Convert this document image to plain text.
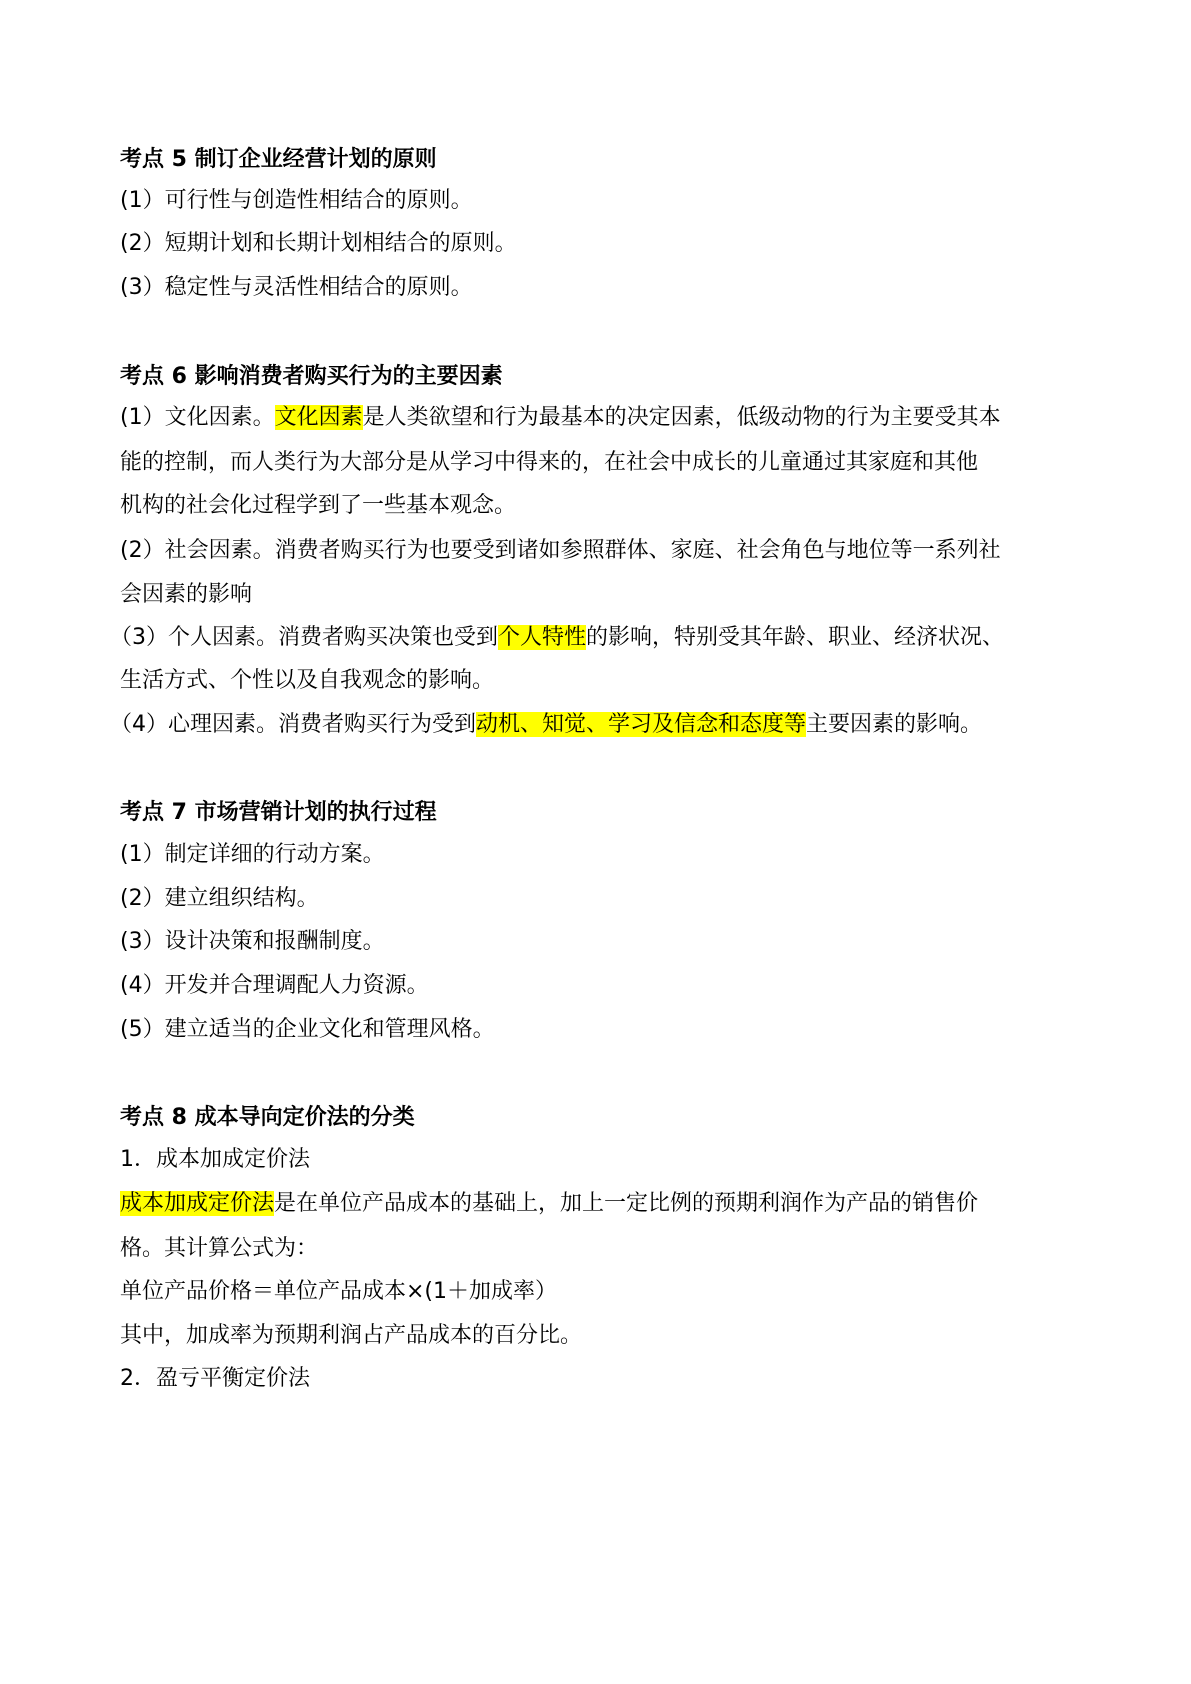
考点 5 制订企业经营计划的原则
(1）可行性与创造性相结合的原则。
(2）短期计划和长期计划相结合的原则。
(3）稳定性与灵活性相结合的原则。
考点 6 影响消费者购买行为的主要因素
(1）文化因素。文化因素是人类欲望和行为最基本的决定因素，低级动物的行为主要受其本
能的控制，而人类行为大部分是从学习中得来的，在社会中成长的儿童通过其家庭和其他
机构的社会化过程学到了一些基本观念。
(2）社会因素。消费者购买行为也要受到诸如参照群体、家庭、社会角色与地位等一系列社
会因素的影响
（3）个人因素。消费者购买决策也受到个人特性的影响，特别受其年龄、职业、经济状况、
生活方式、个性以及自我观念的影响。
（4）心理因素。消费者购买行为受到动机、知觉、学习及信念和态度等主要因素的影响。
考点 7 市场营销计划的执行过程
(1）制定详细的行动方案。
(2）建立组织结构。
(3）设计决策和报酬制度。
(4）开发并合理调配人力资源。
(5）建立适当的企业文化和管理风格。
考点 8 成本导向定价法的分类
1．成本加成定价法
成本加成定价法是在单位产品成本的基础上，加上一定比例的预期利润作为产品的销售价
格。其计算公式为：
单位产品价格＝单位产品成本×(1＋加成率）
其中，加成率为预期利润占产品成本的百分比。
2．盈亏平衡定价法
